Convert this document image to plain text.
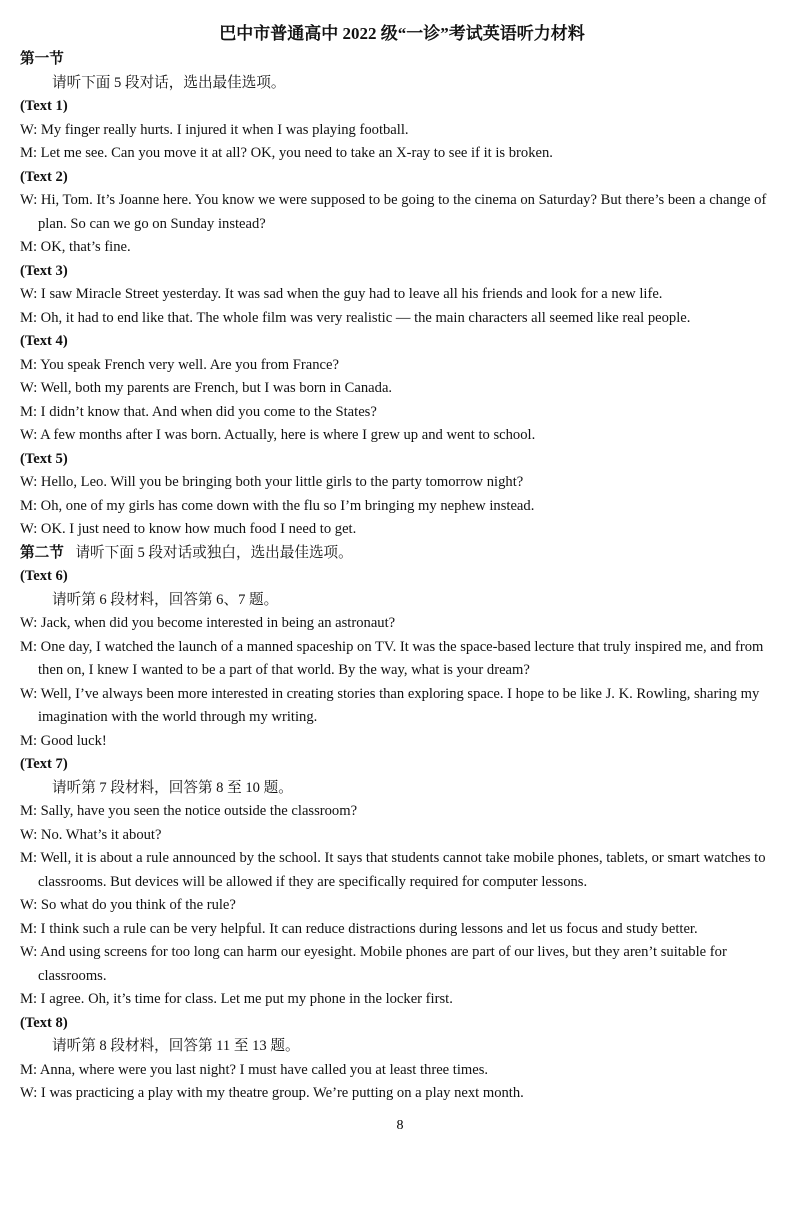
巴中市普通高中 2022 级“一诊”考试英语听力材料
第一节
请听下面 5 段对话，选出最佳选项。
(Text 1)
W: My finger really hurts. I injured it when I was playing football.
M: Let me see. Can you move it at all? OK, you need to take an X-ray to see if it is broken.
(Text 2)
W: Hi, Tom. It’s Joanne here. You know we were supposed to be going to the cinema on Saturday? But there’s been a change of plan. So can we go on Sunday instead?
M: OK, that’s fine.
(Text 3)
W: I saw Miracle Street yesterday. It was sad when the guy had to leave all his friends and look for a new life.
M: Oh, it had to end like that. The whole film was very realistic — the main characters all seemed like real people.
(Text 4)
M: You speak French very well. Are you from France?
W: Well, both my parents are French, but I was born in Canada.
M: I didn’t know that. And when did you come to the States?
W: A few months after I was born. Actually, here is where I grew up and went to school.
(Text 5)
W: Hello, Leo. Will you be bringing both your little girls to the party tomorrow night?
M: Oh, one of my girls has come down with the flu so I’m bringing my nephew instead.
W: OK. I just need to know how much food I need to get.
第二节 请听下面 5 段对话或独白，选出最佳选项。
(Text 6)
请听第 6 段材料，回答第 6、7 题。
W: Jack, when did you become interested in being an astronaut?
M: One day, I watched the launch of a manned spaceship on TV. It was the space-based lecture that truly inspired me, and from then on, I knew I wanted to be a part of that world. By the way, what is your dream?
W: Well, I’ve always been more interested in creating stories than exploring space. I hope to be like J. K. Rowling, sharing my imagination with the world through my writing.
M: Good luck!
(Text 7)
请听第 7 段材料，回答第 8 至 10 题。
M: Sally, have you seen the notice outside the classroom?
W: No. What’s it about?
M: Well, it is about a rule announced by the school. It says that students cannot take mobile phones, tablets, or smart watches to classrooms. But devices will be allowed if they are specifically required for computer lessons.
W: So what do you think of the rule?
M: I think such a rule can be very helpful. It can reduce distractions during lessons and let us focus and study better.
W: And using screens for too long can harm our eyesight. Mobile phones are part of our lives, but they aren’t suitable for classrooms.
M: I agree. Oh, it’s time for class. Let me put my phone in the locker first.
(Text 8)
请听第 8 段材料，回答第 11 至 13 题。
M: Anna, where were you last night? I must have called you at least three times.
W: I was practicing a play with my theatre group. We’re putting on a play next month.
8
